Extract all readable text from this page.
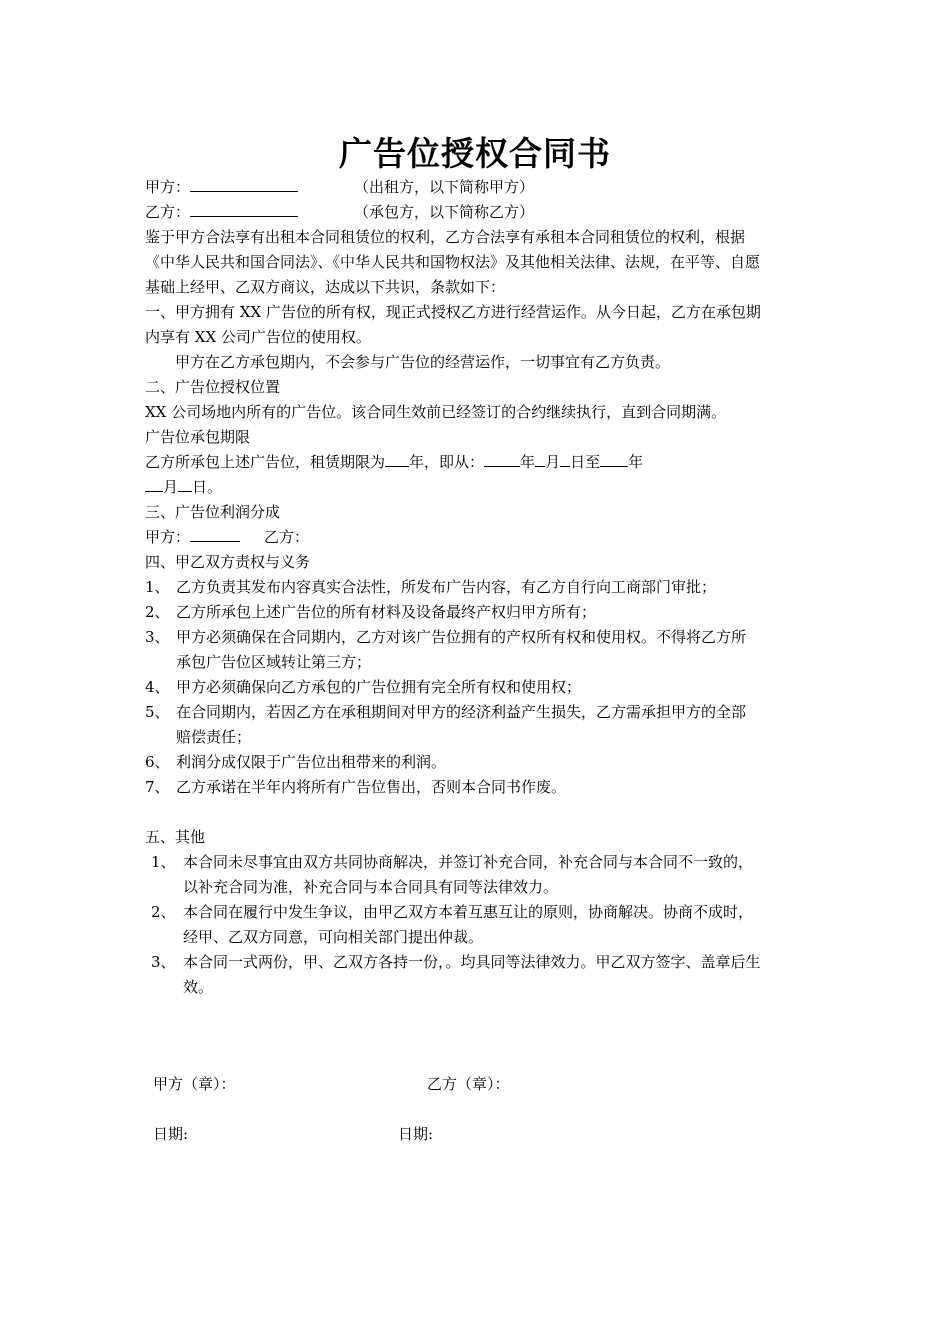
广告位授权合同书
甲方：	（出租方，以下简称甲方）
乙方：	（承包方，以下简称乙方）
鉴于甲方合法享有出租本合同租赁位的权利，乙方合法享有承租本合同租赁位的权利，根据
《中华人民共和国合同法》、《中华人民共和国物权法》及其他相关法律、法规，在平等、自愿
基础上经甲、乙双方商议，达成以下共识，条款如下：
一、甲方拥有 XX 广告位的所有权，现正式授权乙方进行经营运作。从今日起，乙方在承包期
内享有 XX 公司广告位的使用权。
甲方在乙方承包期内，不会参与广告位的经营运作，一切事宜有乙方负责。
二、广告位授权位置
XX 公司场地内所有的广告位。该合同生效前已经签订的合约继续执行，直到合同期满。
广告位承包期限
乙方所承包上述广告位，租赁期限为 年，即从： 年 月 日至 年
月 日。
三、广告位利润分成
甲方：	乙方：
四、甲乙双方责权与义务
1、 乙方负责其发布内容真实合法性，所发布广告内容，有乙方自行向工商部门审批；
2、 乙方所承包上述广告位的所有材料及设备最终产权归甲方所有；
3、 甲方必须确保在合同期内，乙方对该广告位拥有的产权所有权和使用权。不得将乙方所
承包广告位区域转让第三方；
4、 甲方必须确保向乙方承包的广告位拥有完全所有权和使用权；
5、 在合同期内，若因乙方在承租期间对甲方的经济利益产生损失，乙方需承担甲方的全部
赔偿责任；
6、 利润分成仅限于广告位出租带来的利润。
7、 乙方承诺在半年内将所有广告位售出，否则本合同书作废。
五、其他
1、 本合同未尽事宜由双方共同协商解决，并签订补充合同，补充合同与本合同不一致的，
以补充合同为准，补充合同与本合同具有同等法律效力。
2、 本合同在履行中发生争议，由甲乙双方本着互惠互让的原则，协商解决。协商不成时，
经甲、乙双方同意，可向相关部门提出仲裁。
3、 本合同一式两份，甲、乙双方各持一份，。均具同等法律效力。甲乙双方签字、盖章后生
效。
甲方（章）：	乙方（章）：
日期:	日期:
